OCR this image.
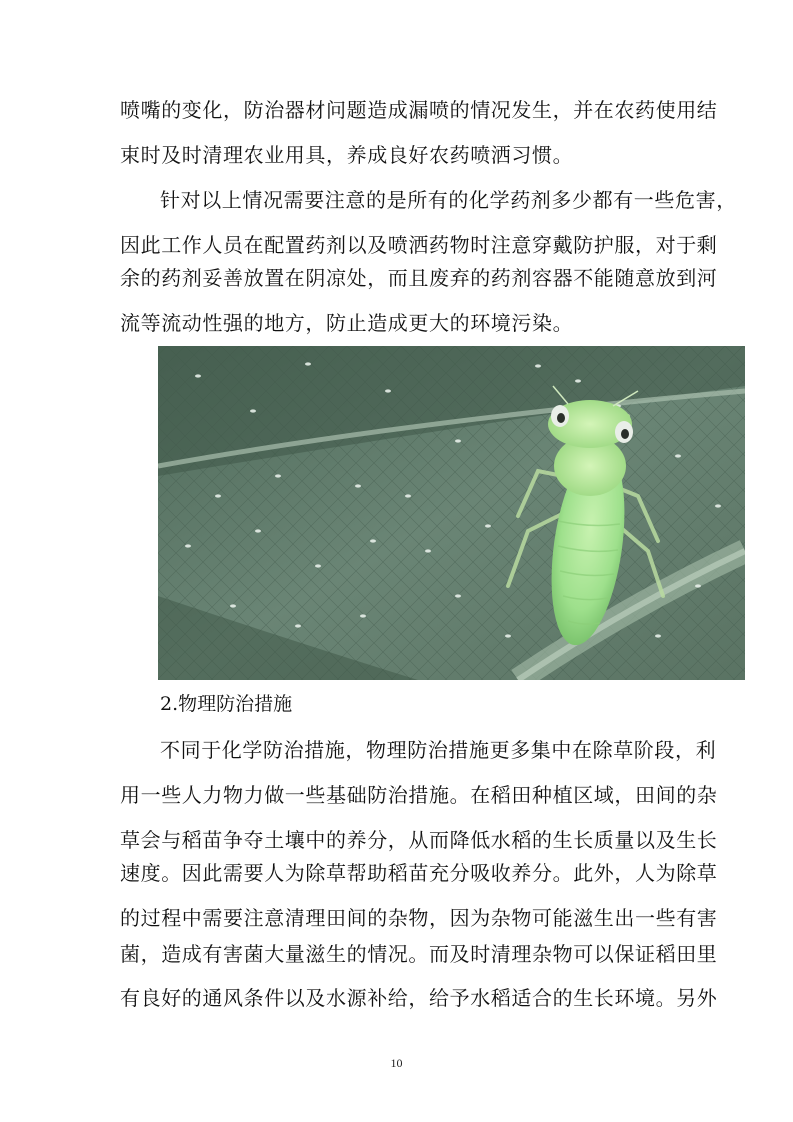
喷嘴的变化，防治器材问题造成漏喷的情况发生，并在农药使用结
束时及时清理农业用具，养成良好农药喷洒习惯。
针对以上情况需要注意的是所有的化学药剂多少都有一些危害，
因此工作人员在配置药剂以及喷洒药物时注意穿戴防护服，对于剩
余的药剂妥善放置在阴凉处，而且废弃的药剂容器不能随意放到河
流等流动性强的地方，防止造成更大的环境污染。
2.物理防治措施
不同于化学防治措施，物理防治措施更多集中在除草阶段，利
用一些人力物力做一些基础防治措施。在稻田种植区域，田间的杂
草会与稻苗争夺土壤中的养分，从而降低水稻的生长质量以及生长
速度。因此需要人为除草帮助稻苗充分吸收养分。此外，人为除草
的过程中需要注意清理田间的杂物，因为杂物可能滋生出一些有害
菌，造成有害菌大量滋生的情况。而及时清理杂物可以保证稻田里
有良好的通风条件以及水源补给，给予水稻适合的生长环境。另外
10
